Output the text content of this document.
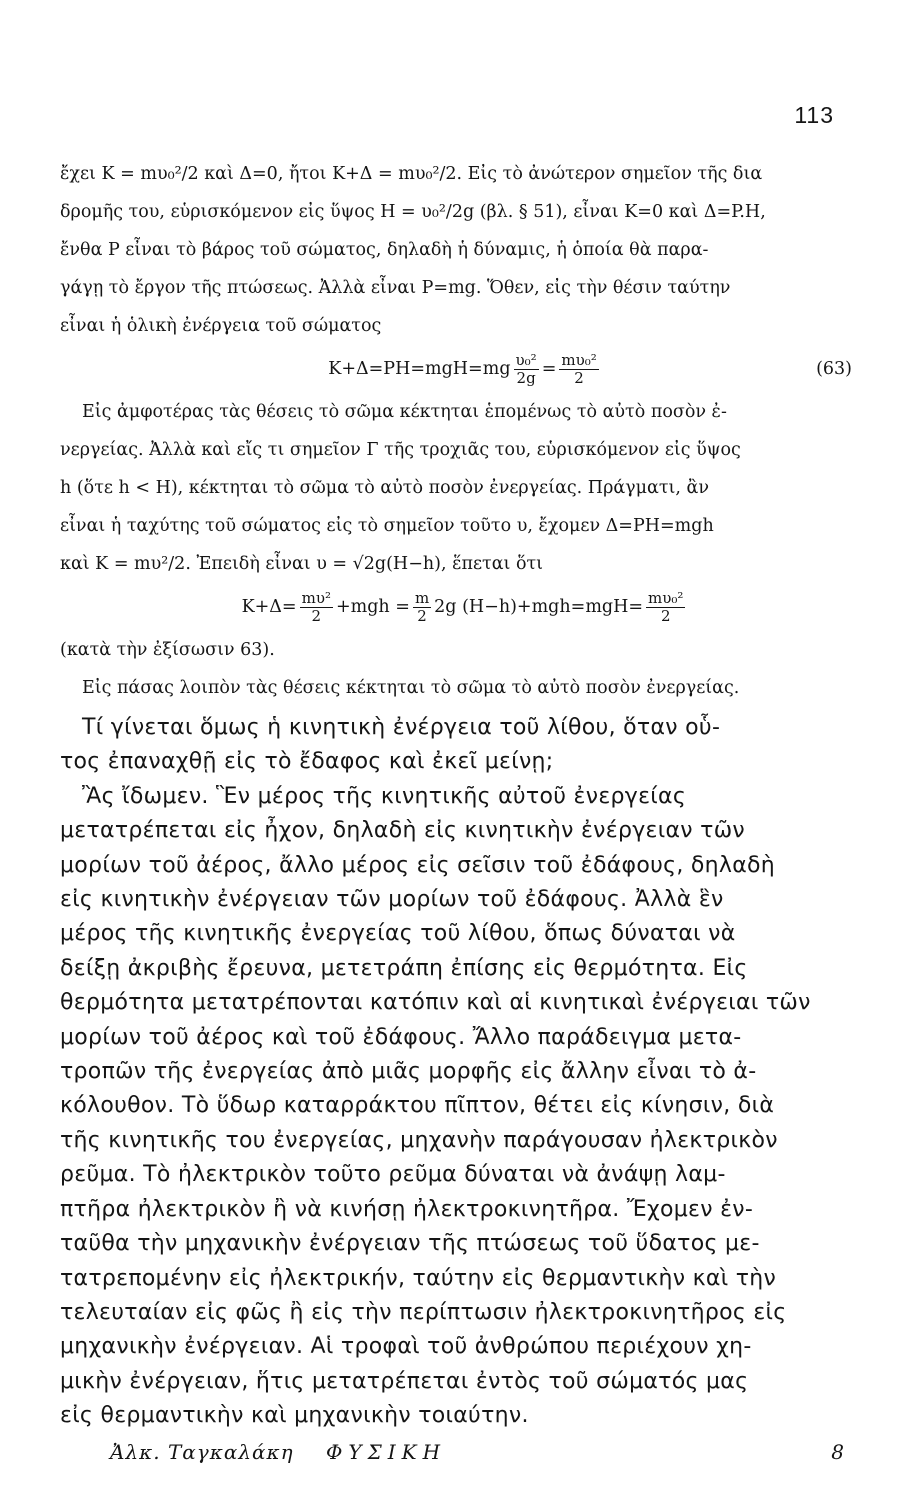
113

ἔχει K = mυ₀²/2 καὶ Δ=0, ἤτοι K+Δ = mυ₀²/2. Εἰς τὸ ἀνώτερον σημεῖον τῆς δια

δρομῆς του, εὑρισκόμενον εἰς ὕψος H = υ₀²/2g (βλ. § 51), εἶναι K=0 καὶ Δ=P.H,

ἔνθα P εἶναι τὸ βάρος τοῦ σώματος, δηλαδὴ ἡ δύναμις, ἡ ὁποία θὰ παρα-

γάγῃ τὸ ἔργον τῆς πτώσεως. Ἀλλὰ εἶναι P=mg. Ὅθεν, εἰς τὴν θέσιν ταύτην

εἶναι ἡ ὁλικὴ ἐνέργεια τοῦ σώματος

$K+\Delta=PH=mgH=mg \frac{\text{υ₀²}}{2g} = \frac{\text{mυ₀²}}{2}$	(63)

Εἰς ἀμφοτέρας τὰς θέσεις τὸ σῶμα κέκτηται ἑπομένως τὸ αὐτὸ ποσὸν ἐ-

νεργείας. Ἀλλὰ καὶ εἴς τι σημεῖον Γ τῆς τροχιᾶς του, εὑρισκόμενον εἰς ὕψος

h (ὅτε h < H), κέκτηται τὸ σῶμα τὸ αὐτὸ ποσὸν ἐνεργείας. Πράγματι, ἂν

εἶναι ἡ ταχύτης τοῦ σώματος εἰς τὸ σημεῖον τοῦτο υ, ἔχομεν Δ=PH=mgh

καὶ K = mυ²/2. Ἐπειδὴ εἶναι υ = √2g(H−h), ἕπεται ὅτι

$K+\Delta= \frac{\text{mυ²}}{2} +mgh = \frac{m}{2} 2g$ $(H-h)+mgh=mgH= \frac{\text{mυ₀²}}{2}$

(κατὰ τὴν ἐξίσωσιν 63).

Εἰς πάσας λοιπὸν τὰς θέσεις κέκτηται τὸ σῶμα τὸ αὐτὸ ποσὸν ἐνεργείας.

Τί γίνεται ὅμως ἡ κινητικὴ ἐνέργεια τοῦ λίθου, ὅταν οὗ-

τος ἐπαναχθῇ εἰς τὸ ἔδαφος καὶ ἐκεῖ μείνῃ;

Ἂς ἴδωμεν. Ἓν μέρος τῆς κινητικῆς αὐτοῦ ἐνεργείας

μετατρέπεται εἰς ἦχον, δηλαδὴ εἰς κινητικὴν ἐνέργειαν τῶν

μορίων τοῦ ἀέρος, ἄλλο μέρος εἰς σεῖσιν τοῦ ἐδάφους, δηλαδὴ

εἰς κινητικὴν ἐνέργειαν τῶν μορίων τοῦ ἐδάφους. Ἀλλὰ ἓν

μέρος τῆς κινητικῆς ἐνεργείας τοῦ λίθου, ὅπως δύναται νὰ

δείξῃ ἀκριβὴς ἔρευνα, μετετράπη ἐπίσης εἰς θερμότητα. Εἰς

θερμότητα μετατρέπονται κατόπιν καὶ αἱ κινητικαὶ ἐνέργειαι τῶν

μορίων τοῦ ἀέρος καὶ τοῦ ἐδάφους. Ἄλλο παράδειγμα μετα-

τροπῶν τῆς ἐνεργείας ἀπὸ μιᾶς μορφῆς εἰς ἄλλην εἶναι τὸ ἀ-

κόλουθον. Τὸ ὕδωρ καταρράκτου πῖπτον, θέτει εἰς κίνησιν, διὰ

τῆς κινητικῆς του ἐνεργείας, μηχανὴν παράγουσαν ἠλεκτρικὸν

ρεῦμα. Τὸ ἠλεκτρικὸν τοῦτο ρεῦμα δύναται νὰ ἀνάψῃ λαμ-

πτῆρα ἠλεκτρικὸν ἢ νὰ κινήσῃ ἠλεκτροκινητῆρα. Ἔχομεν ἐν-

ταῦθα τὴν μηχανικὴν ἐνέργειαν τῆς πτώσεως τοῦ ὕδατος με-

τατρεπομένην εἰς ἠλεκτρικήν, ταύτην εἰς θερμαντικὴν καὶ τὴν

τελευταίαν εἰς φῶς ἢ εἰς τὴν περίπτωσιν ἠλεκτροκινητῆρος εἰς

μηχανικὴν ἐνέργειαν. Αἱ τροφαὶ τοῦ ἀνθρώπου περιέχουν χη-

μικὴν ἐνέργειαν, ἥτις μετατρέπεται ἐντὸς τοῦ σώματός μας

εἰς θερμαντικὴν καὶ μηχανικὴν τοιαύτην.

Ἀλκ. Ταγκαλάκη ΦΥΣΙΚΗ	8
